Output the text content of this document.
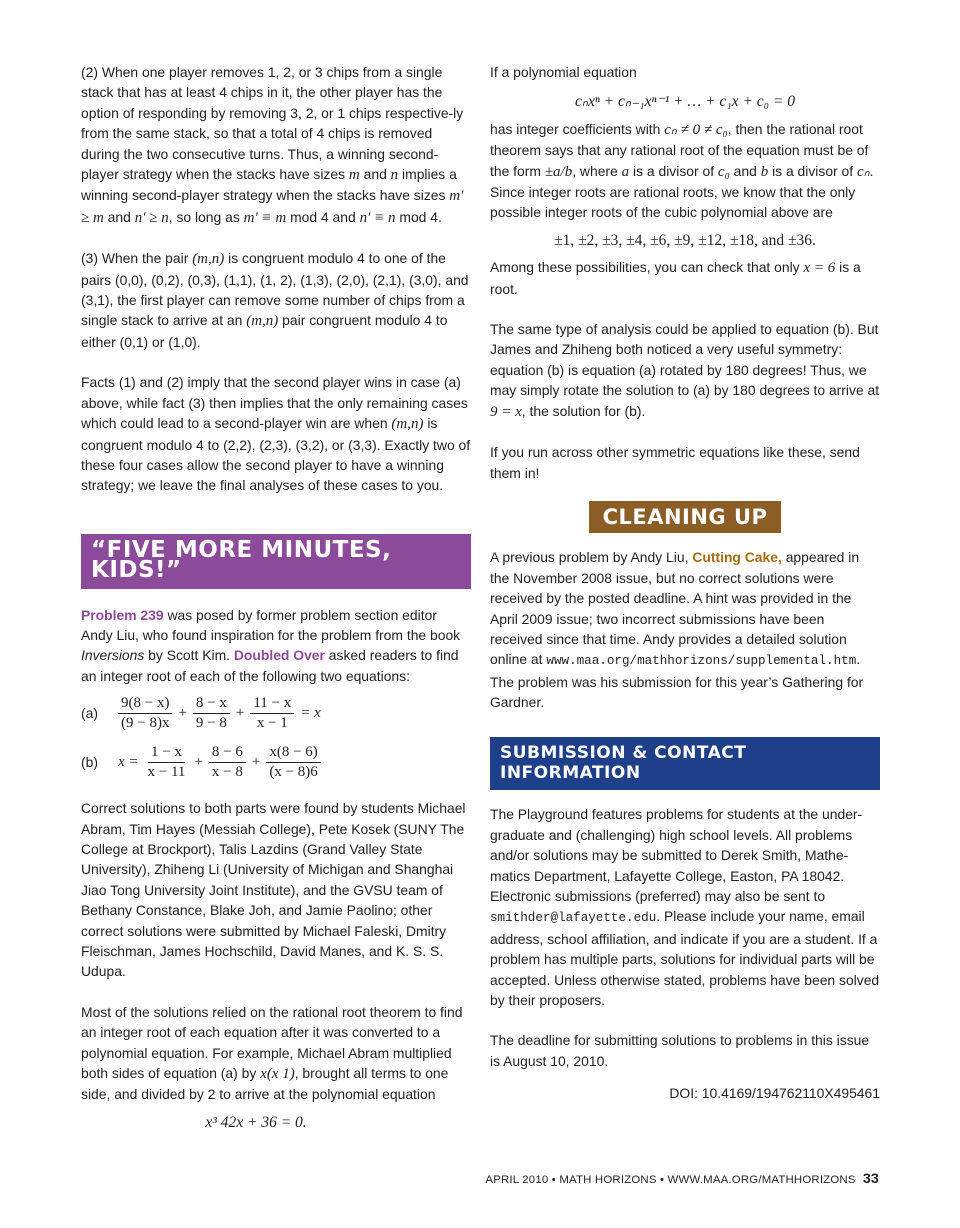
(2) When one player removes 1, 2, or 3 chips from a single stack that has at least 4 chips in it, the other player has the option of responding by removing 3, 2, or 1 chips respective-ly from the same stack, so that a total of 4 chips is removed during the two consecutive turns. Thus, a winning second-player strategy when the stacks have sizes m and n implies a winning second-player strategy when the stacks have sizes m′ ≥ m and n′ ≥ n, so long as m′ ≡ m mod 4 and n′ ≡ n mod 4.

(3) When the pair (m,n) is congruent modulo 4 to one of the pairs (0,0), (0,2), (0,3), (1,1), (1, 2), (1,3), (2,0), (2,1), (3,0), and (3,1), the first player can remove some number of chips from a single stack to arrive at an (m,n) pair congruent modulo 4 to either (0,1) or (1,0).

Facts (1) and (2) imply that the second player wins in case (a) above, while fact (3) then implies that the only remaining cases which could lead to a second-player win are when (m,n) is congruent modulo 4 to (2,2), (2,3), (3,2), or (3,3). Exactly two of these four cases allow the second player to have a winning strategy; we leave the final analyses of these cases to you.

“FIVE MORE MINUTES, KIDS!”

Problem 239 was posed by former problem section editor Andy Liu, who found inspiration for the problem from the book Inversions by Scott Kim. Doubled Over asked readers to find an integer root of each of the following two equations:

(a)	$\frac{9(8 - x)}{(9 - 8)x} + \frac{8 - x}{9 - 8} + \frac{11 - x}{x - 1} = x$
(b)	$x = \frac{1 - x}{x - 11} + \frac{8 - 6}{x - 8} + \frac{x(8 - 6)}{(x - 8)6}$

Correct solutions to both parts were found by students Michael Abram, Tim Hayes (Messiah College), Pete Kosek (SUNY The College at Brockport), Talis Lazdins (Grand Valley State University), Zhiheng Li (University of Michigan and Shanghai Jiao Tong University Joint Institute), and the GVSU team of Bethany Constance, Blake Joh, and Jamie Paolino; other correct solutions were submitted by Michael Faleski, Dmitry Fleischman, James Hochschild, David Manes, and K. S. S. Udupa.

Most of the solutions relied on the rational root theorem to find an integer root of each equation after it was converted to a polynomial equation. For example, Michael Abram multiplied both sides of equation (a) by x(x 1), brought all terms to one side, and divided by 2 to arrive at the polynomial equation

x³ 42x + 36 = 0.

If a polynomial equation

cₙxⁿ + cₙ₋₁xⁿ⁻¹ + … + c₁x + c₀ = 0

has integer coefficients with cₙ ≠ 0 ≠ c₀, then the rational root theorem says that any rational root of the equation must be of the form ±a/b, where a is a divisor of c₀ and b is a divisor of cₙ. Since integer roots are rational roots, we know that the only possible integer roots of the cubic polynomial above are

±1, ±2, ±3, ±4, ±6, ±9, ±12, ±18, and ±36.

Among these possibilities, you can check that only x = 6 is a root.

The same type of analysis could be applied to equation (b). But James and Zhiheng both noticed a very useful symmetry: equation (b) is equation (a) rotated by 180 degrees! Thus, we may simply rotate the solution to (a) by 180 degrees to arrive at 9 = x, the solution for (b).

If you run across other symmetric equations like these, send them in!

CLEANING UP

A previous problem by Andy Liu, Cutting Cake, appeared in the November 2008 issue, but no correct solutions were received by the posted deadline. A hint was provided in the April 2009 issue; two incorrect submissions have been received since that time. Andy provides a detailed solution online at www.maa.org/mathhorizons/supplemental.htm. The problem was his submission for this year’s Gathering for Gardner.

SUBMISSION & CONTACT INFORMATION

The Playground features problems for students at the under-graduate and (challenging) high school levels. All problems and/or solutions may be submitted to Derek Smith, Mathe-matics Department, Lafayette College, Easton, PA 18042. Electronic submissions (preferred) may also be sent to smithder@lafayette.edu. Please include your name, email address, school affiliation, and indicate if you are a student. If a problem has multiple parts, solutions for individual parts will be accepted. Unless otherwise stated, problems have been solved by their proposers.

The deadline for submitting solutions to problems in this issue is August 10, 2010.

DOI: 10.4169/194762110X495461
APRIL 2010 • MATH HORIZONS • WWW.MAA.ORG/MATHHORIZONS 33
